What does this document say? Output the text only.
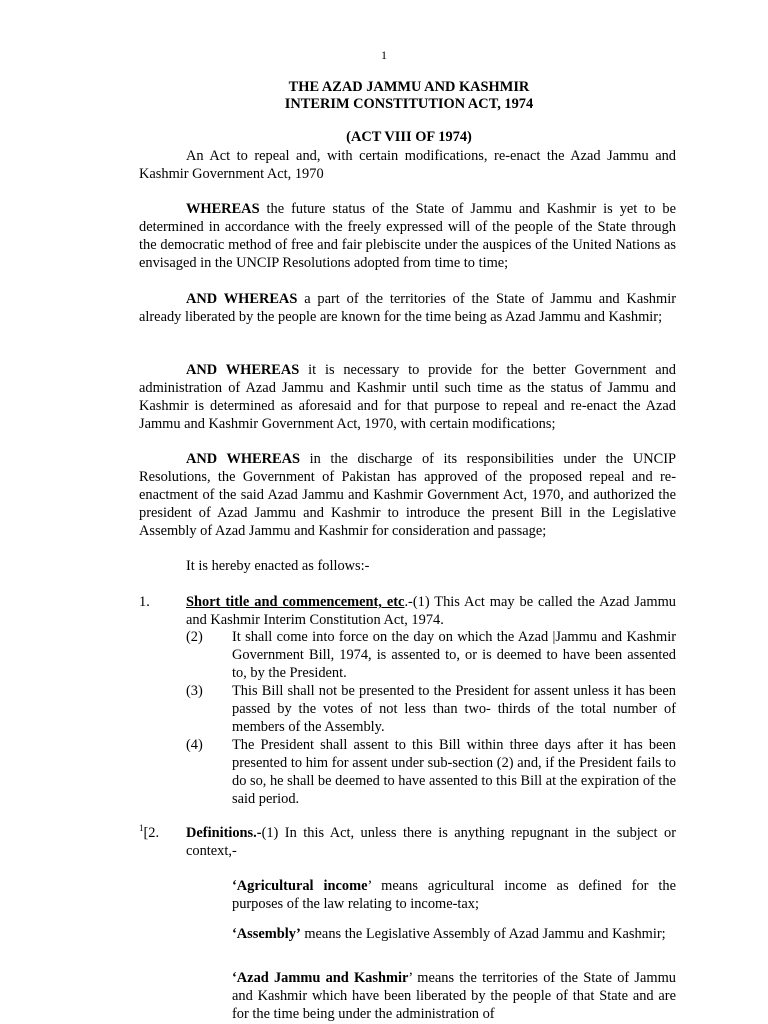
1
THE AZAD JAMMU AND KASHMIR
INTERIM CONSTITUTION ACT, 1974
(ACT VIII OF 1974)
An Act to repeal and, with certain modifications, re-enact the Azad Jammu and Kashmir Government Act, 1970
WHEREAS the future status of the State of Jammu and Kashmir is yet to be determined in accordance with the freely expressed will of the people of the State through the democratic method of free and fair plebiscite under the auspices of the United Nations as envisaged in the UNCIP Resolutions adopted from time to time;
AND WHEREAS a part of the territories of the State of Jammu and Kashmir already liberated by the people are known for the time being as Azad Jammu and Kashmir;
AND WHEREAS it is necessary to provide for the better Government and administration of Azad Jammu and Kashmir until such time as the status of Jammu and Kashmir is determined as aforesaid and for that purpose to repeal and re-enact the Azad Jammu and Kashmir Government Act, 1970, with certain modifications;
AND WHEREAS in the discharge of its responsibilities under the UNCIP Resolutions, the Government of Pakistan has approved of the proposed repeal and re-enactment of the said Azad Jammu and Kashmir Government Act, 1970, and authorized the president of Azad Jammu and Kashmir to introduce the present Bill in the Legislative Assembly of Azad Jammu and Kashmir for consideration and passage;
It is hereby enacted as follows:-
1.	Short title and commencement, etc.-(1) This Act may be called the Azad Jammu and Kashmir Interim Constitution Act, 1974.
(2) It shall come into force on the day on which the Azad |Jammu and Kashmir Government Bill, 1974, is assented to, or is deemed to have been assented to, by the President.
(3) This Bill shall not be presented to the President for assent unless it has been passed by the votes of not less than two- thirds of the total number of members of the Assembly.
(4) The President shall assent to this Bill within three days after it has been presented to him for assent under sub-section (2) and, if the President fails to do so, he shall be deemed to have assented to this Bill at the expiration of the said period.
$^1$[2. Definitions.-(1) In this Act, unless there is anything repugnant in the subject or context,-
‘Agricultural income’ means agricultural income as defined for the purposes of the law relating to income-tax;
‘Assembly’ means the Legislative Assembly of Azad Jammu and Kashmir;
‘Azad Jammu and Kashmir’ means the territories of the State of Jammu and Kashmir which have been liberated by the people of that State and are for the time being under the administration of
